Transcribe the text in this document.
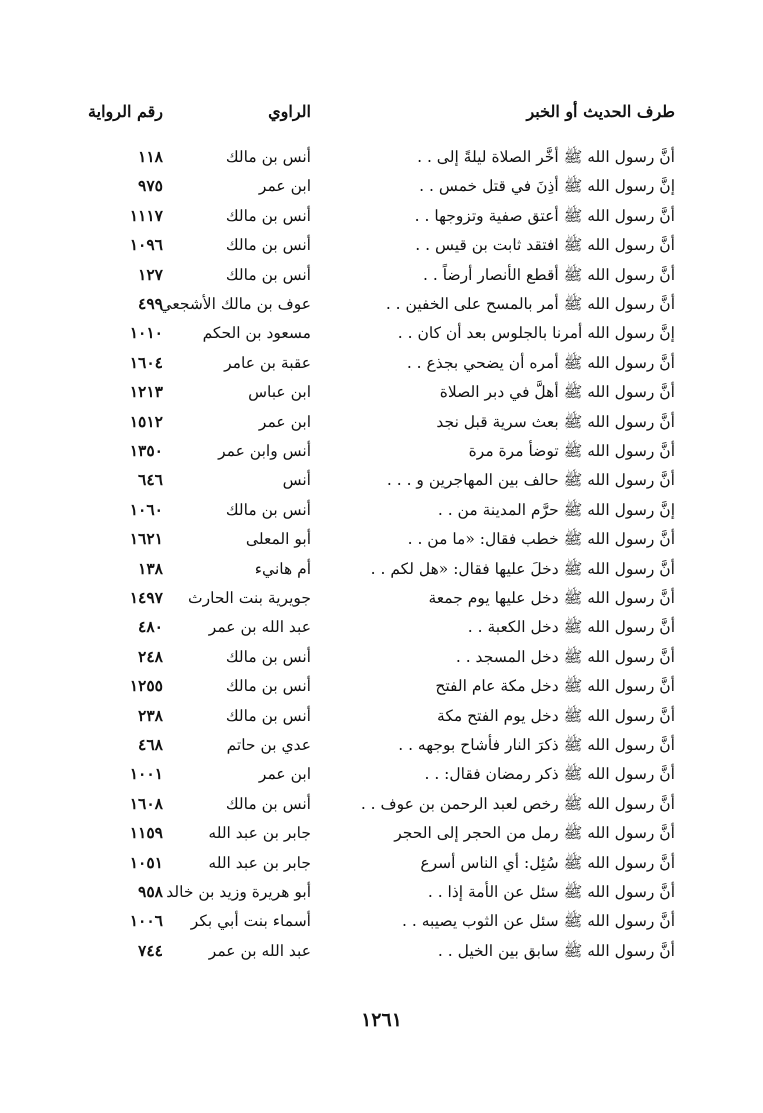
طرف الحديث أو الخبر
الراوي
رقم الرواية
أنَّ رسول الله ﷺ أخَّر الصلاة ليلةً إلى . .
أنس بن مالك
١١٨
إنَّ رسول الله ﷺ أذِنَ في قتل خمس . .
ابن عمر
٩٧٥
أنَّ رسول الله ﷺ أعتق صفية وتزوجها . .
أنس بن مالك
١١١٧
أنَّ رسول الله ﷺ افتقد ثابت بن قيس . .
أنس بن مالك
١٠٩٦
أنَّ رسول الله ﷺ أقطع الأنصار أرضاً . .
أنس بن مالك
١٢٧
أنَّ رسول الله ﷺ أمر بالمسح على الخفين . .
عوف بن مالك الأشجعي
٤٩٩
إنَّ رسول الله أمرنا بالجلوس بعد أن كان . .
مسعود بن الحكم
١٠١٠
أنَّ رسول الله ﷺ أمره أن يضحي بجذع . .
عقبة بن عامر
١٦٠٤
أنَّ رسول الله ﷺ أهلَّ في دبر الصلاة
ابن عباس
١٢١٣
أنَّ رسول الله ﷺ بعث سرية قبل نجد
ابن عمر
١٥١٢
أنَّ رسول الله ﷺ توضأ مرة مرة
أنس وابن عمر
١٣٥٠
أنَّ رسول الله ﷺ حالف بين المهاجرين و . . .
أنس
٦٤٦
إنَّ رسول الله ﷺ حرَّم المدينة من . .
أنس بن مالك
١٠٦٠
أنَّ رسول الله ﷺ خطب فقال: «ما من . .
أبو المعلى
١٦٢١
أنَّ رسول الله ﷺ دخلَ عليها فقال: «هل لكم . .
أم هانيء
١٣٨
أنَّ رسول الله ﷺ دخل عليها يوم جمعة
جويرية بنت الحارث
١٤٩٧
أنَّ رسول الله ﷺ دخل الكعبة . .
عبد الله بن عمر
٤٨٠
أنَّ رسول الله ﷺ دخل المسجد . .
أنس بن مالك
٢٤٨
أنَّ رسول الله ﷺ دخل مكة عام الفتح
أنس بن مالك
١٢٥٥
أنَّ رسول الله ﷺ دخل يوم الفتح مكة
أنس بن مالك
٢٣٨
أنَّ رسول الله ﷺ ذكرَ النار فأشاح بوجهه . .
عدي بن حاتم
٤٦٨
أنَّ رسول الله ﷺ ذكر رمضان فقال: . .
ابن عمر
١٠٠١
أنَّ رسول الله ﷺ رخص لعبد الرحمن بن عوف . .
أنس بن مالك
١٦٠٨
أنَّ رسول الله ﷺ رمل من الحجر إلى الحجر
جابر بن عبد الله
١١٥٩
أنَّ رسول الله ﷺ سُئِل: أي الناس أسرع
جابر بن عبد الله
١٠٥١
أنَّ رسول الله ﷺ سئل عن الأمة إذا . .
أبو هريرة وزيد بن خالد
٩٥٨
أنَّ رسول الله ﷺ سئل عن الثوب يصيبه . .
أسماء بنت أبي بكر
١٠٠٦
أنَّ رسول الله ﷺ سابق بين الخيل . .
عبد الله بن عمر
٧٤٤
١٢٦١
